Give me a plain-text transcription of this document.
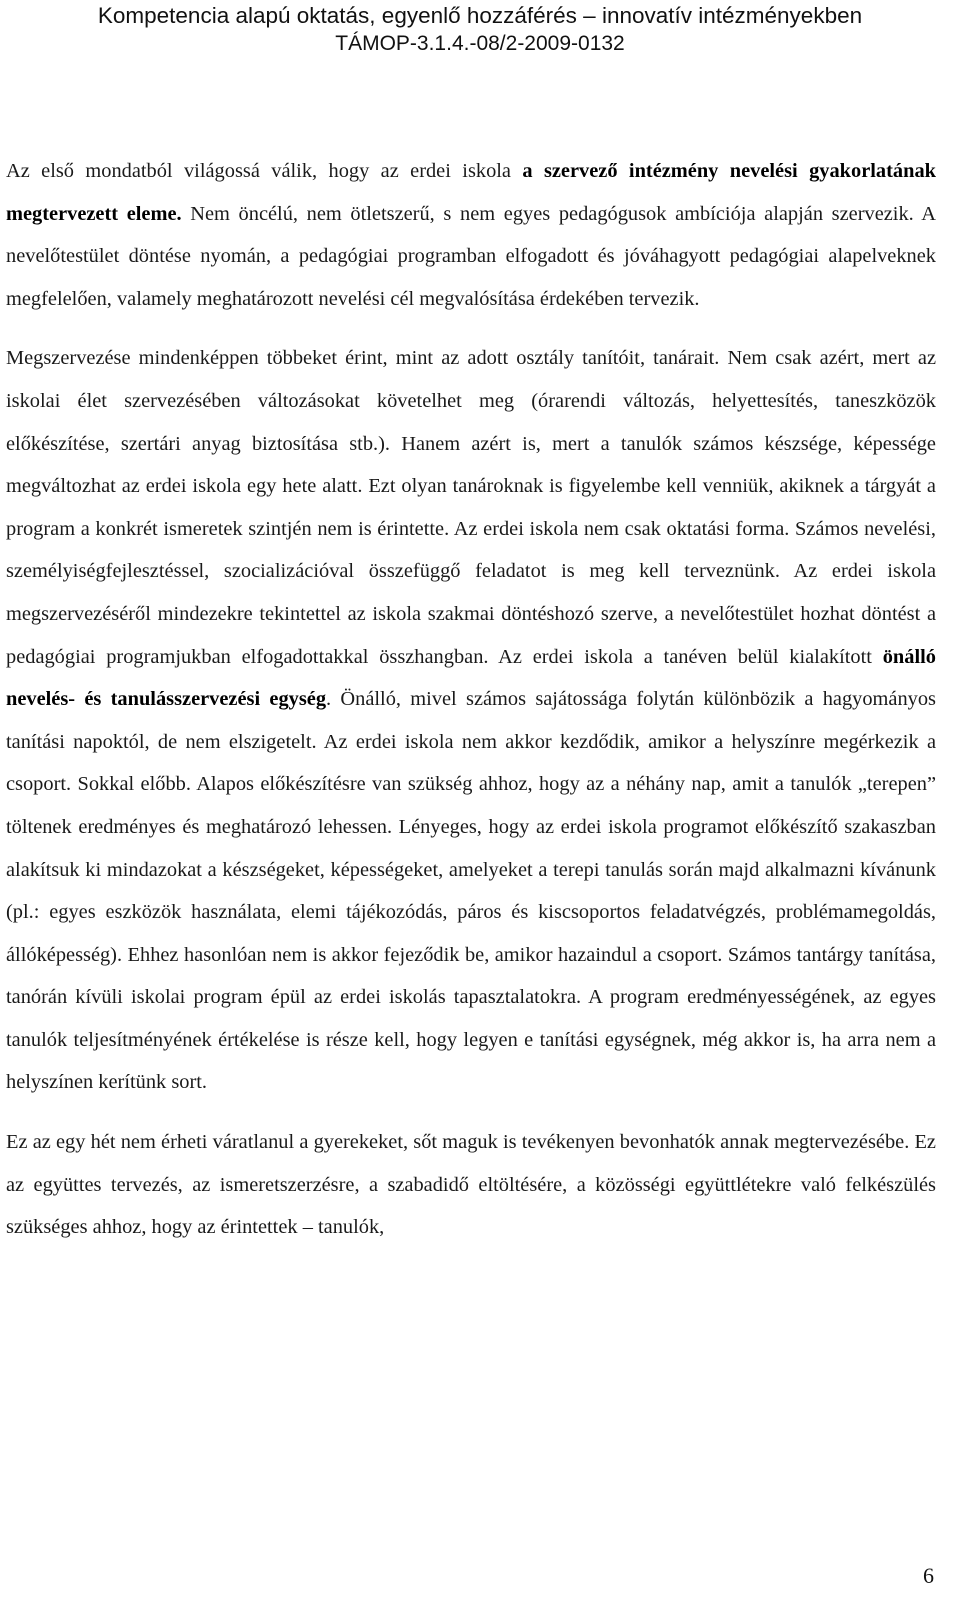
Kompetencia alapú oktatás, egyenlő hozzáférés – innovatív intézményekben
TÁMOP-3.1.4.-08/2-2009-0132

Az első mondatból világossá válik, hogy az erdei iskola a szervező intézmény nevelési gyakorlatának megtervezett eleme. Nem öncélú, nem ötletszerű, s nem egyes pedagógusok ambíciója alapján szervezik. A nevelőtestület döntése nyomán, a pedagógiai programban elfogadott és jóváhagyott pedagógiai alapelveknek megfelelően, valamely meghatározott nevelési cél megvalósítása érdekében tervezik.

Megszervezése mindenképpen többeket érint, mint az adott osztály tanítóit, tanárait. Nem csak azért, mert az iskolai élet szervezésében változásokat követelhet meg (órarendi változás, helyettesítés, taneszközök előkészítése, szertári anyag biztosítása stb.). Hanem azért is, mert a tanulók számos készsége, képessége megváltozhat az erdei iskola egy hete alatt. Ezt olyan tanároknak is figyelembe kell venniük, akiknek a tárgyát a program a konkrét ismeretek szintjén nem is érintette. Az erdei iskola nem csak oktatási forma. Számos nevelési, személyiségfejlesztéssel, szocializációval összefüggő feladatot is meg kell terveznünk. Az erdei iskola megszervezéséről mindezekre tekintettel az iskola szakmai döntéshozó szerve, a nevelőtestület hozhat döntést a pedagógiai programjukban elfogadottakkal összhangban. Az erdei iskola a tanéven belül kialakított önálló nevelés- és tanulásszervezési egység. Önálló, mivel számos sajátossága folytán különbözik a hagyományos tanítási napoktól, de nem elszigetelt. Az erdei iskola nem akkor kezdődik, amikor a helyszínre megérkezik a csoport. Sokkal előbb. Alapos előkészítésre van szükség ahhoz, hogy az a néhány nap, amit a tanulók „terepen” töltenek eredményes és meghatározó lehessen. Lényeges, hogy az erdei iskola programot előkészítő szakaszban alakítsuk ki mindazokat a készségeket, képességeket, amelyeket a terepi tanulás során majd alkalmazni kívánunk (pl.: egyes eszközök használata, elemi tájékozódás, páros és kiscsoportos feladatvégzés, problémamegoldás, állóképesség). Ehhez hasonlóan nem is akkor fejeződik be, amikor hazaindul a csoport. Számos tantárgy tanítása, tanórán kívüli iskolai program épül az erdei iskolás tapasztalatokra. A program eredményességének, az egyes tanulók teljesítményének értékelése is része kell, hogy legyen e tanítási egységnek, még akkor is, ha arra nem a helyszínen kerítünk sort.

Ez az egy hét nem érheti váratlanul a gyerekeket, sőt maguk is tevékenyen bevonhatók annak megtervezésébe. Ez az együttes tervezés, az ismeretszerzésre, a szabadidő eltöltésére, a közösségi együttlétekre való felkészülés szükséges ahhoz, hogy az érintettek – tanulók,

6
